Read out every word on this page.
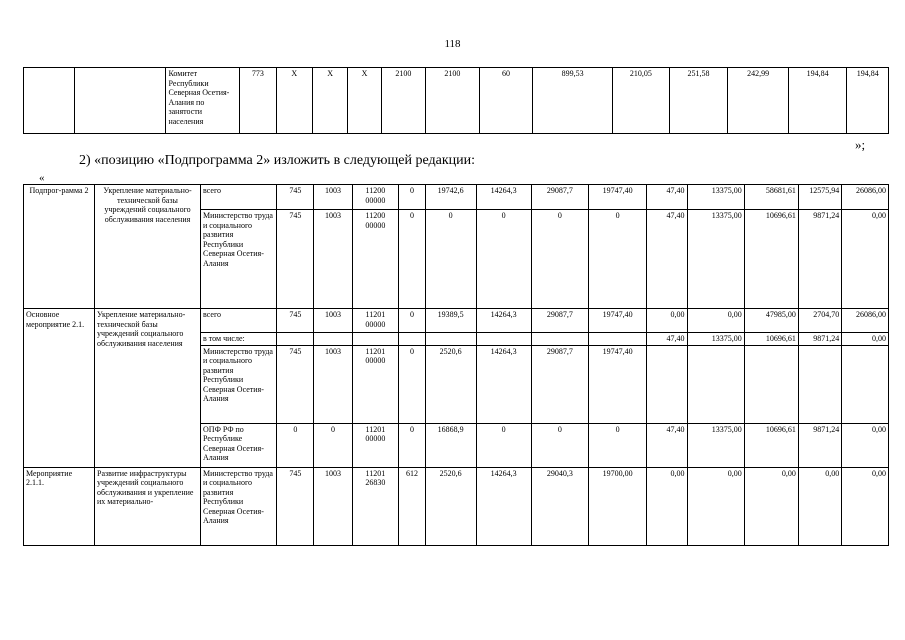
118
		Комитет Республики Северная Осетия-Алания по занятости населения	773	Х	Х	Х	2100	2100	60	899,53	210,05	251,58	242,99	194,84	194,84
»;
2) «позицию «Подпрограмма 2» изложить в следующей редакции:
«
Подпрог-рамма 2	Укрепление материально-технической базы учреждений социального обслуживания населения	всего	745	1003	11200 00000	0	19742,6	14264,3	29087,7	19747,40	47,40	13375,00	58681,61	12575,94	26086,00
		Министерство труда и социального развития Республики Северная Осетия-Алания	745	1003	11200 00000	0	0	0	0	0	47,40	13375,00	10696,61	9871,24	0,00
Основное мероприятие 2.1.	Укрепление материально-технической базы учреждений социального обслуживания населения	всего	745	1003	11201 00000	0	19389,5	14264,3	29087,7	19747,40	0,00	0,00	47985,00	2704,70	26086,00
		в том числе:									47,40	13375,00	10696,61	9871,24	0,00
		Министерство труда и социального развития Республики Северная Осетия-Алания	745	1003	11201 00000	0	2520,6	14264,3	29087,7	19747,40					
		ОПФ РФ по Республике Северная Осетия-Алания	0	0	11201 00000	0	16868,9	0	0	0	47,40	13375,00	10696,61	9871,24	0,00
Мероприятие 2.1.1.	Развитие инфраструктуры учреждений социального обслуживания и укрепление их материально-	Министерство труда и социального развития Республики Северная Осетия-Алания	745	1003	11201 26830	612	2520,6	14264,3	29040,3	19700,00	0,00	0,00	0,00	0,00	0,00
